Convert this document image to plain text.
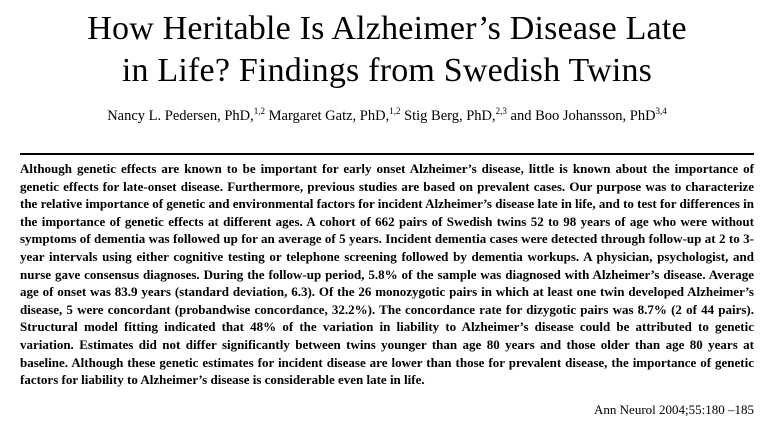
How Heritable Is Alzheimer’s Disease Late
in Life? Findings from Swedish Twins
Nancy L. Pedersen, PhD,$^{1,2}$ Margaret Gatz, PhD,$^{1,2}$ Stig Berg, PhD,$^{2,3}$ and Boo Johansson, PhD$^{3,4}$

Although genetic effects are known to be important for early onset Alzheimer’s disease, little is known about the importance of genetic effects for late-onset disease. Furthermore, previous studies are based on prevalent cases. Our purpose was to characterize the relative importance of genetic and environmental factors for incident Alzheimer’s disease late in life, and to test for differences in the importance of genetic effects at different ages. A cohort of 662 pairs of Swedish twins 52 to 98 years of age who were without symptoms of dementia was followed up for an average of 5 years. Incident dementia cases were detected through follow-up at 2 to 3-year intervals using either cognitive testing or telephone screening followed by dementia workups. A physician, psychologist, and nurse gave consensus diagnoses. During the follow-up period, 5.8% of the sample was diagnosed with Alzheimer’s disease. Average age of onset was 83.9 years (standard deviation, 6.3). Of the 26 monozygotic pairs in which at least one twin developed Alzheimer’s disease, 5 were concordant (probandwise concordance, 32.2%). The concordance rate for dizygotic pairs was 8.7% (2 of 44 pairs). Structural model fitting indicated that 48% of the variation in liability to Alzheimer’s disease could be attributed to genetic variation. Estimates did not differ significantly between twins younger than age 80 years and those older than age 80 years at baseline. Although these genetic estimates for incident disease are lower than those for prevalent disease, the importance of genetic factors for liability to Alzheimer’s disease is considerable even late in life.

Ann Neurol 2004;55:180 –185
